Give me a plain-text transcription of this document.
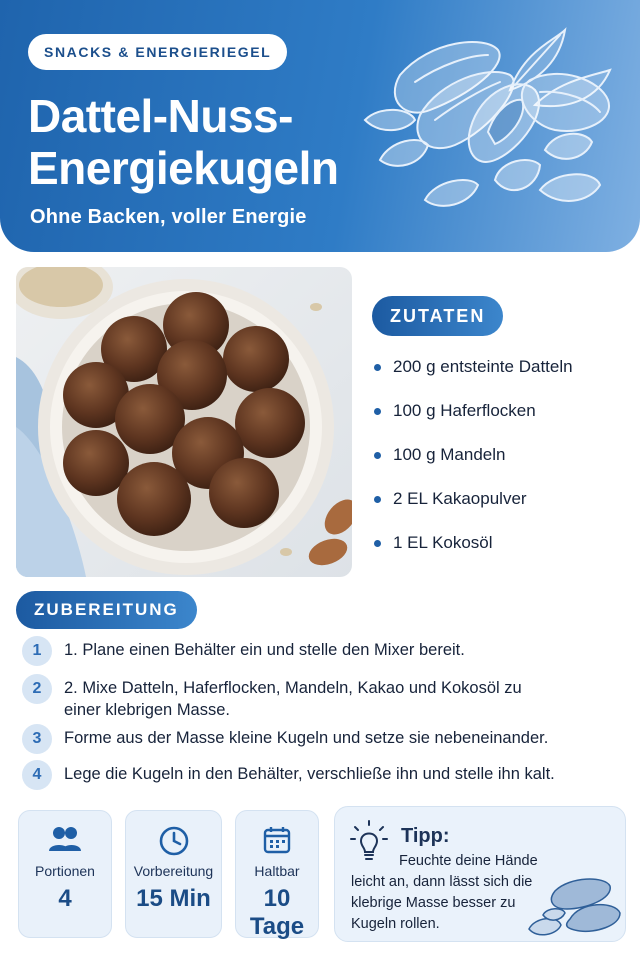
SNACKS & ENERGIERIEGEL
Dattel-Nuss-Energiekugeln
Ohne Backen, voller Energie
ZUTATEN
200 g entsteinte Datteln
100 g Haferflocken
100 g Mandeln
2 EL Kakaopulver
1 EL Kokosöl
ZUBEREITUNG
1	1. Plane einen Behälter ein und stelle den Mixer bereit.
2	2. Mixe Datteln, Haferflocken, Mandeln, Kakao und Kokosöl zu einer klebrigen Masse.
3	Forme aus der Masse kleine Kugeln und setze sie nebeneinander.
4	Lege die Kugeln in den Behälter, verschließe ihn und stelle ihn kalt.
Portionen
4
Vorbereitung
15 Min
Haltbar
10 Tage
Tipp:
Feuchte deine Hände leicht an, dann lässt sich die klebrige Masse besser zu Kugeln rollen.
